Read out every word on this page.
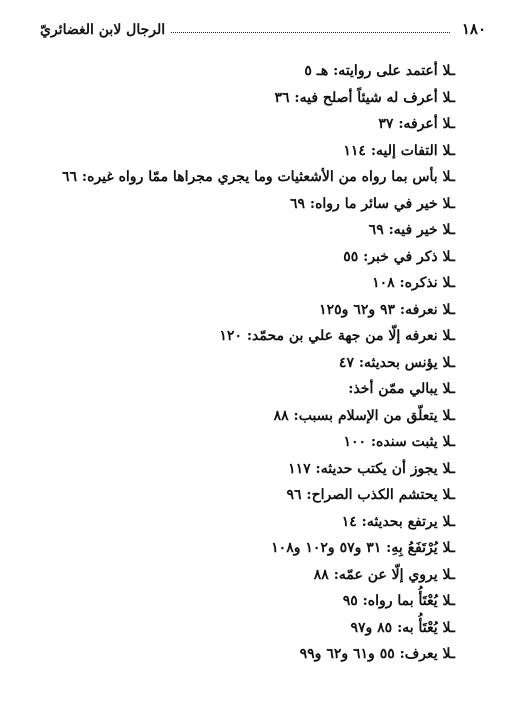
١٨٠
الرجال لابن الغضائريّ
ـلا أعتمد على روايته: هـ ٥
ـلا أعرف له شيئاً أصلح فيه: ٣٦
ـلا أعرفه: ٣٧
ـلا التفات إليه: ١١٤
ـلا بأس بما رواه من الأشعثيات وما يجري مجراها ممّا رواه غيره: ٦٦
ـلا خير في سائر ما رواه: ٦٩
ـلا خير فيه: ٦٩
ـلا ذكر في خبر: ٥٥
ـلا نذكره: ١٠٨
ـلا نعرفه: ٩٣ و٦٢ و١٢٥
ـلا نعرفه إلّا من جهة علي بن محمّد: ١٢٠
ـلا يؤنس بحديثه: ٤٧
ـلا يبالي ممّن أخذ:
ـلا يتعلّق من الإسلام بسبب: ٨٨
ـلا يثبت سنده: ١٠٠
ـلا يجوز أن يكتب حديثه: ١١٧
ـلا يحتشم الكذب الصراح: ٩٦
ـلا يرتفع بحديثه: ١٤
ـلا يُرْتَفَعُ بِهِ: ٣١ و٥٧ و١٠٢ و١٠٨
ـلا يروي إلّا عن عمّه: ٨٨
ـلا يُعْتَأُ بما رواه: ٩٥
ـلا يُعْتَأُ به: ٨٥ و٩٧
ـلا يعرف: ٥٥ و٦١ و٦٢ و٩٩
